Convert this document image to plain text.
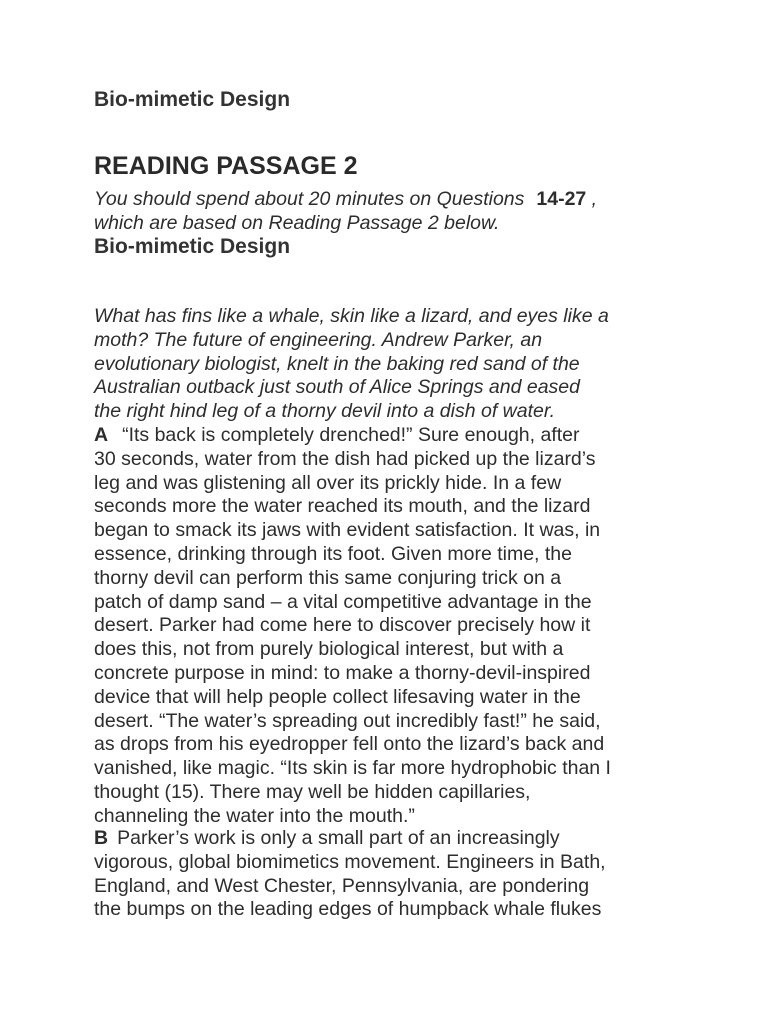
Bio-mimetic Design
READING PASSAGE 2

You should spend about 20 minutes on Questions 14-27 ,
which are based on Reading Passage 2 below.

Bio-mimetic Design

What has fins like a whale, skin like a lizard, and eyes like a
moth? The future of engineering. Andrew Parker, an
evolutionary biologist, knelt in the baking red sand of the
Australian outback just south of Alice Springs and eased
the right hind leg of a thorny devil into a dish of water.

A “Its back is completely drenched!” Sure enough, after
30 seconds, water from the dish had picked up the lizard’s
leg and was glistening all over its prickly hide. In a few
seconds more the water reached its mouth, and the lizard
began to smack its jaws with evident satisfaction. It was, in
essence, drinking through its foot. Given more time, the
thorny devil can perform this same conjuring trick on a
patch of damp sand – a vital competitive advantage in the
desert. Parker had come here to discover precisely how it
does this, not from purely biological interest, but with a
concrete purpose in mind: to make a thorny-devil-inspired
device that will help people collect lifesaving water in the
desert. “The water’s spreading out incredibly fast!” he said,
as drops from his eyedropper fell onto the lizard’s back and
vanished, like magic. “Its skin is far more hydrophobic than I
thought (15). There may well be hidden capillaries,
channeling the water into the mouth.”

B Parker’s work is only a small part of an increasingly
vigorous, global biomimetics movement. Engineers in Bath,
England, and West Chester, Pennsylvania, are pondering
the bumps on the leading edges of humpback whale flukes
